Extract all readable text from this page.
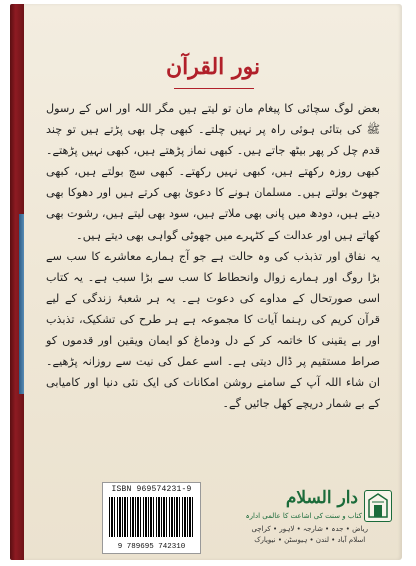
نور القرآن

بعض لوگ سچائی کا پیغام مان تو لیتے ہیں مگر اللہ اور اس کے رسول ﷺ کی بتائی ہوئی راہ پر نہیں چلتے۔ کبھی چل بھی پڑتے ہیں تو چند قدم چل کر پھر بیٹھ جاتے ہیں۔ کبھی نماز پڑھتے ہیں، کبھی نہیں پڑھتے۔ کبھی روزہ رکھتے ہیں، کبھی نہیں رکھتے۔ کبھی سچ بولتے ہیں، کبھی جھوٹ بولتے ہیں۔ مسلمان ہونے کا دعویٰ بھی کرتے ہیں اور دھوکا بھی دیتے ہیں، دودھ میں پانی بھی ملاتے ہیں، سود بھی لیتے ہیں، رشوت بھی کھاتے ہیں اور عدالت کے کٹہرے میں جھوٹی گواہی بھی دیتے ہیں۔

یہ نفاق اور تذبذب کی وہ حالت ہے جو آج ہمارے معاشرے کا سب سے بڑا روگ اور ہمارے زوال وانحطاط کا سب سے بڑا سبب ہے۔ یہ کتاب اسی صورتحال کے مداوے کی دعوت ہے۔ یہ ہر شعبۂ زندگی کے لیے قرآن کریم کی رہنما آیات کا مجموعہ ہے ہر طرح کی تشکیک، تذبذب اور بے یقینی کا خاتمہ کر کے دل ودماغ کو ایمان ویقین اور قدموں کو صراط مستقیم پر ڈال دیتی ہے۔ اسے عمل کی نیت سے روزانہ پڑھیے۔ ان شاء اللہ آپ کے سامنے روشن امکانات کی ایک نئی دنیا اور کامیابی کے بے شمار دریچے کھل جائیں گے۔

ISBN 969574231-9
9 789695 742310
دار السلام
کتاب و سنت کی اشاعت کا عالمی ادارہ
ریاض • جدہ • شارجہ • لاہور • کراچی
اسلام آباد • لندن • ہیوسٹن • نیویارک
